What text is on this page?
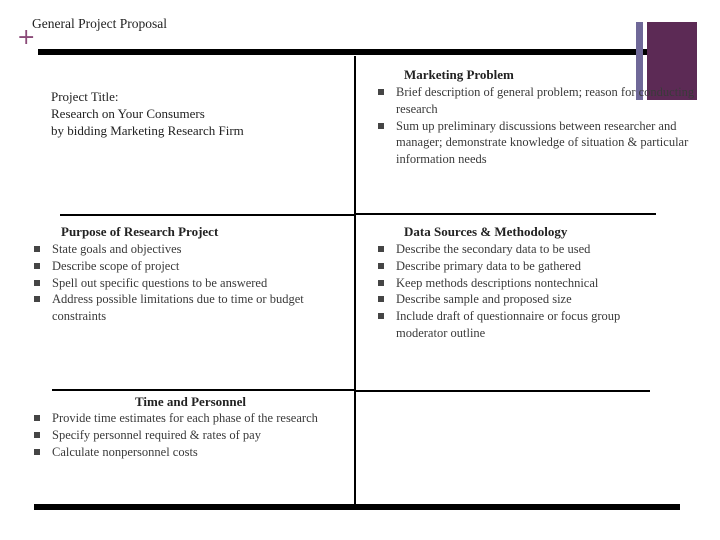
General Project Proposal
+
Project Title:
Research on Your Consumers
by bidding Marketing Research Firm
Marketing Problem
Brief description of general problem; reason for conducting research
Sum up preliminary discussions between researcher and manager; demonstrate knowledge of situation & particular information needs
Purpose of Research Project
State goals and objectives
Describe scope of project
Spell out specific questions to be answered
Address possible limitations due to time or budget constraints
Data Sources & Methodology
Describe the secondary data to be used
Describe primary data to be gathered
Keep methods descriptions nontechnical
Describe sample and proposed size
Include draft of questionnaire or focus group moderator outline
Time and Personnel
Provide time estimates for each phase of the research
Specify personnel required & rates of pay
Calculate nonpersonnel costs
